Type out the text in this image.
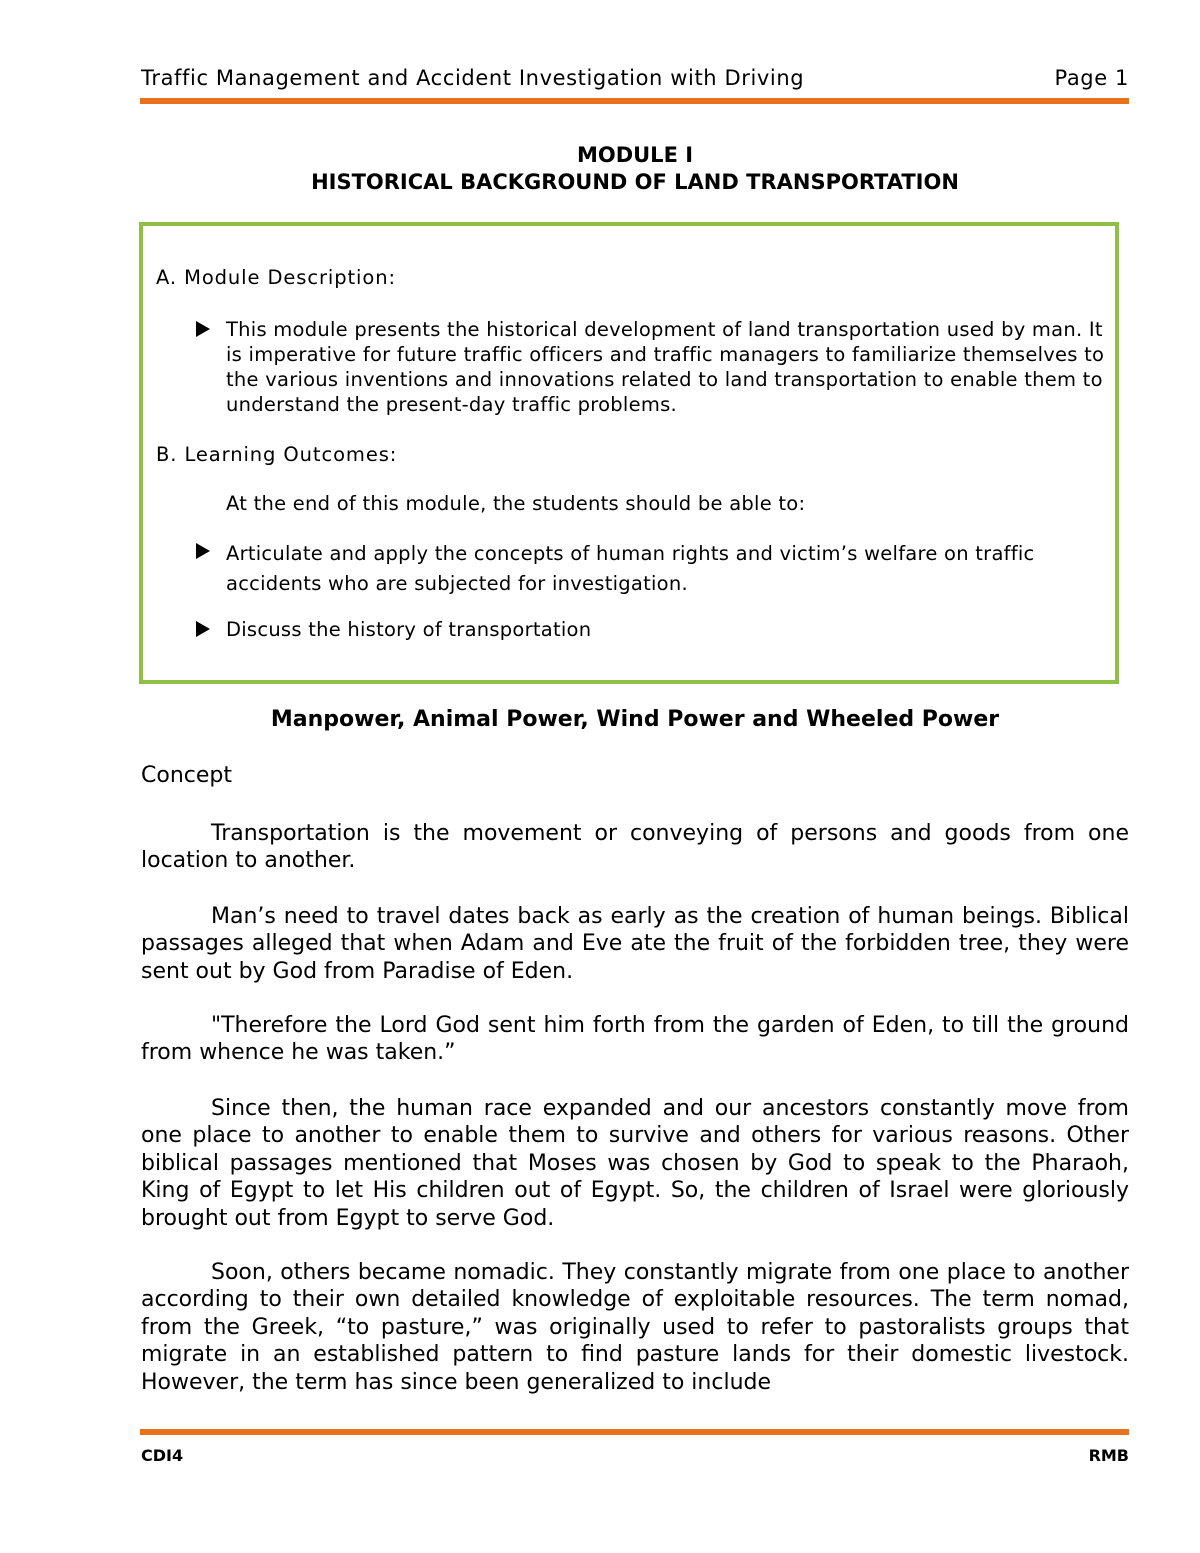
Traffic Management and Accident Investigation with Driving	Page 1
MODULE I
HISTORICAL BACKGROUND OF LAND TRANSPORTATION
A. Module Description:
This module presents the historical development of land transportation used by man. It is imperative for future traffic officers and traffic managers to familiarize themselves to the various inventions and innovations related to land transportation to enable them to understand the present-day traffic problems.
B. Learning Outcomes:
At the end of this module, the students should be able to:
Articulate and apply the concepts of human rights and victim’s welfare on traffic accidents who are subjected for investigation.
Discuss the history of transportation
Manpower, Animal Power, Wind Power and Wheeled Power
Concept

Transportation is the movement or conveying of persons and goods from one location to another.

Man’s need to travel dates back as early as the creation of human beings. Biblical passages alleged that when Adam and Eve ate the fruit of the forbidden tree, they were sent out by God from Paradise of Eden.

"Therefore the Lord God sent him forth from the garden of Eden, to till the ground from whence he was taken.”

Since then, the human race expanded and our ancestors constantly move from one place to another to enable them to survive and others for various reasons. Other biblical passages mentioned that Moses was chosen by God to speak to the Pharaoh, King of Egypt to let His children out of Egypt. So, the children of Israel were gloriously brought out from Egypt to serve God.

Soon, others became nomadic. They constantly migrate from one place to another according to their own detailed knowledge of exploitable resources. The term nomad, from the Greek, “to pasture,” was originally used to refer to pastoralists groups that migrate in an established pattern to find pasture lands for their domestic livestock. However, the term has since been generalized to include

CDI4	RMB
